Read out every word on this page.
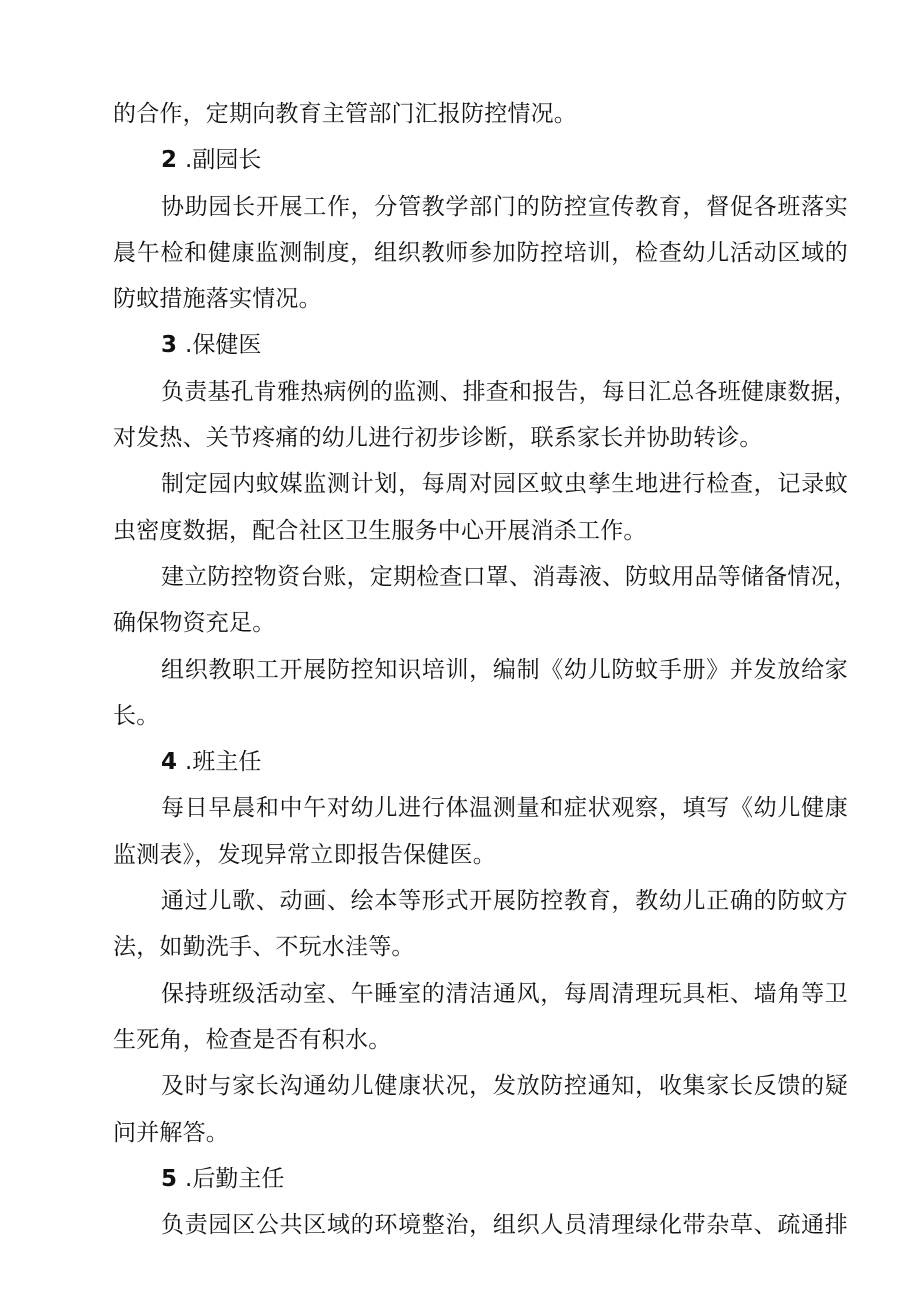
的合作，定期向教育主管部门汇报防控情况。
2 .副园长
协助园长开展工作，分管教学部门的防控宣传教育，督促各班落实
晨午检和健康监测制度，组织教师参加防控培训，检查幼儿活动区域的
防蚊措施落实情况。
3 .保健医
负责基孔肯雅热病例的监测、排查和报告，每日汇总各班健康数据，
对发热、关节疼痛的幼儿进行初步诊断，联系家长并协助转诊。
制定园内蚊媒监测计划，每周对园区蚊虫孳生地进行检查，记录蚊
虫密度数据，配合社区卫生服务中心开展消杀工作。
建立防控物资台账，定期检查口罩、消毒液、防蚊用品等储备情况，
确保物资充足。
组织教职工开展防控知识培训，编制《幼儿防蚊手册》并发放给家
长。
4 .班主任
每日早晨和中午对幼儿进行体温测量和症状观察，填写《幼儿健康
监测表》，发现异常立即报告保健医。
通过儿歌、动画、绘本等形式开展防控教育，教幼儿正确的防蚊方
法，如勤洗手、不玩水洼等。
保持班级活动室、午睡室的清洁通风，每周清理玩具柜、墙角等卫
生死角，检查是否有积水。
及时与家长沟通幼儿健康状况，发放防控通知，收集家长反馈的疑
问并解答。
5 .后勤主任
负责园区公共区域的环境整治，组织人员清理绿化带杂草、疏通排
